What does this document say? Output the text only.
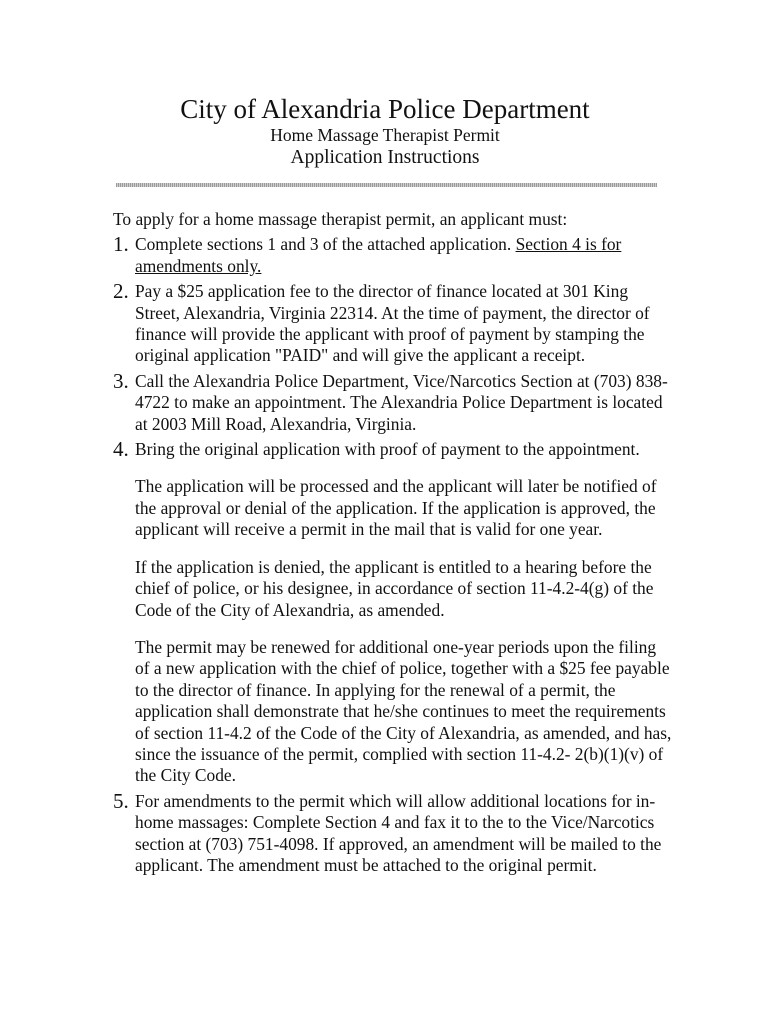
City of Alexandria Police Department
Home Massage Therapist Permit
Application Instructions

To apply for a home massage therapist permit, an applicant must:

1. Complete sections 1 and 3 of the attached application. Section 4 is for amendments only.
2. Pay a $25 application fee to the director of finance located at 301 King Street, Alexandria, Virginia 22314. At the time of payment, the director of finance will provide the applicant with proof of payment by stamping the original application "PAID" and will give the applicant a receipt.
3. Call the Alexandria Police Department, Vice/Narcotics Section at (703) 838-4722 to make an appointment. The Alexandria Police Department is located at 2003 Mill Road, Alexandria, Virginia.
4. Bring the original application with proof of payment to the appointment.

The application will be processed and the applicant will later be notified of the approval or denial of the application. If the application is approved, the applicant will receive a permit in the mail that is valid for one year.

If the application is denied, the applicant is entitled to a hearing before the chief of police, or his designee, in accordance of section 11-4.2-4(g) of the Code of the City of Alexandria, as amended.

The permit may be renewed for additional one-year periods upon the filing of a new application with the chief of police, together with a $25 fee payable to the director of finance. In applying for the renewal of a permit, the application shall demonstrate that he/she continues to meet the requirements of section 11-4.2 of the Code of the City of Alexandria, as amended, and has, since the issuance of the permit, complied with section 11-4.2- 2(b)(1)(v) of the City Code.

5. For amendments to the permit which will allow additional locations for in-home massages: Complete Section 4 and fax it to the to the Vice/Narcotics section at (703) 751-4098. If approved, an amendment will be mailed to the applicant. The amendment must be attached to the original permit.
